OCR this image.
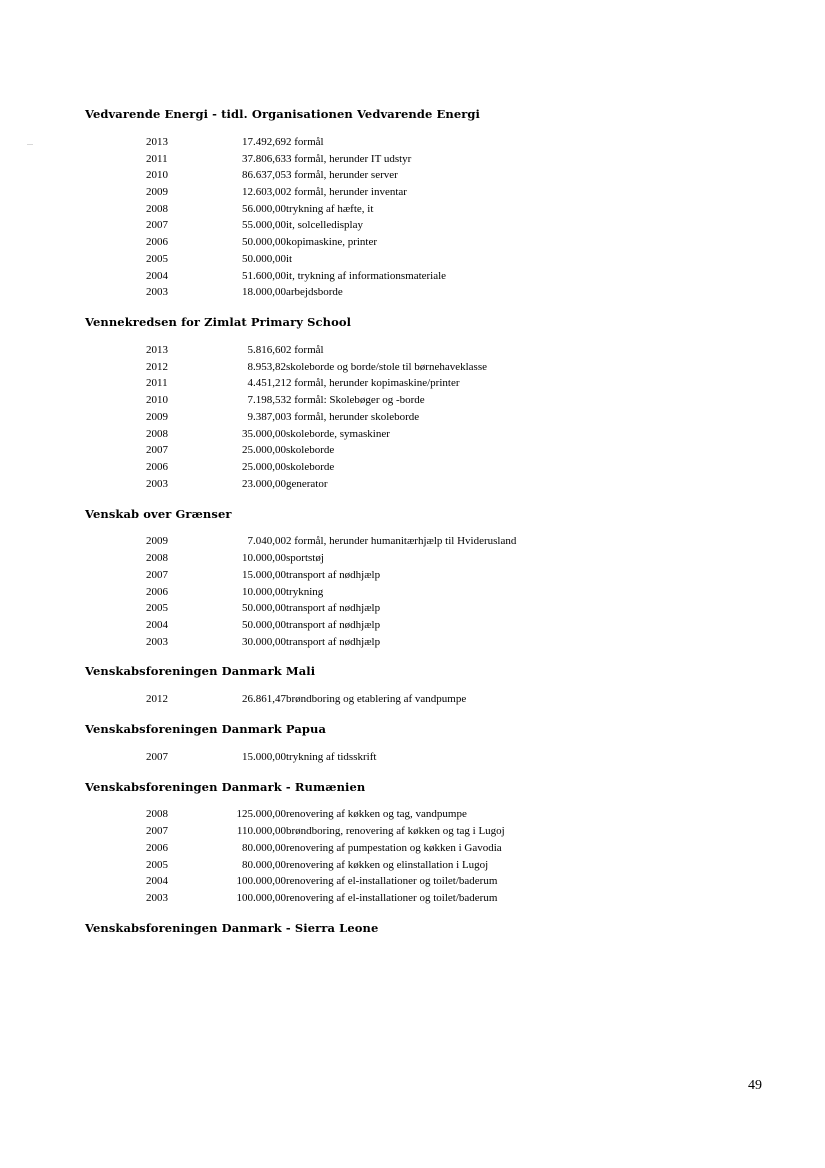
Vedvarende Energi - tidl. Organisationen Vedvarende Energi
2013	17.492,69	2 formål
2011	37.806,63	3 formål, herunder IT udstyr
2010	86.637,05	3 formål, herunder server
2009	12.603,00	2 formål, herunder inventar
2008	56.000,00	trykning af hæfte, it
2007	55.000,00	it, solcelledisplay
2006	50.000,00	kopimaskine, printer
2005	50.000,00	it
2004	51.600,00	it, trykning af informationsmateriale
2003	18.000,00	arbejdsborde
Vennekredsen for Zimlat Primary School
2013	5.816,60	2 formål
2012	8.953,82	skoleborde og borde/stole til børnehaveklasse
2011	4.451,21	2 formål, herunder kopimaskine/printer
2010	7.198,53	2 formål: Skolebøger og -borde
2009	9.387,00	3 formål, herunder skoleborde
2008	35.000,00	skoleborde, symaskiner
2007	25.000,00	skoleborde
2006	25.000,00	skoleborde
2003	23.000,00	generator
Venskab over Grænser
2009	7.040,00	2 formål, herunder humanitærhjælp til Hviderusland
2008	10.000,00	sportstøj
2007	15.000,00	transport af nødhjælp
2006	10.000,00	trykning
2005	50.000,00	transport af nødhjælp
2004	50.000,00	transport af nødhjælp
2003	30.000,00	transport af nødhjælp
Venskabsforeningen Danmark Mali
2012	26.861,47	brøndboring og etablering af vandpumpe
Venskabsforeningen Danmark Papua
2007	15.000,00	trykning af tidsskrift
Venskabsforeningen Danmark - Rumænien
2008	125.000,00	renovering af køkken og tag, vandpumpe
2007	110.000,00	brøndboring, renovering af køkken og tag i Lugoj
2006	80.000,00	renovering af pumpestation og køkken i Gavodia
2005	80.000,00	renovering af køkken og elinstallation i Lugoj
2004	100.000,00	renovering af el-installationer og toilet/baderum
2003	100.000,00	renovering af el-installationer og toilet/baderum
Venskabsforeningen Danmark - Sierra Leone
49
